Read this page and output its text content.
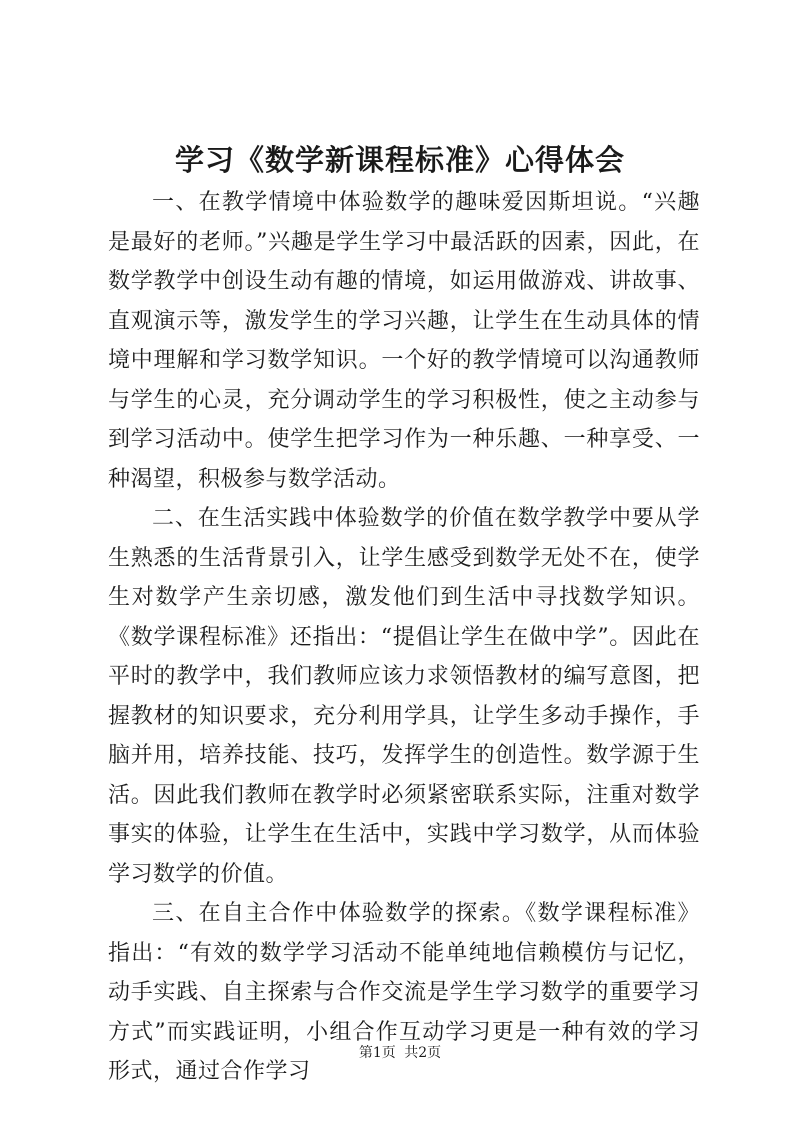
学习《数学新课程标准》心得体会

一、在教学情境中体验数学的趣味爱因斯坦说。“兴趣是最好的老师。”兴趣是学生学习中最活跃的因素，因此，在数学教学中创设生动有趣的情境，如运用做游戏、讲故事、直观演示等，激发学生的学习兴趣，让学生在生动具体的情境中理解和学习数学知识。一个好的教学情境可以沟通教师与学生的心灵，充分调动学生的学习积极性，使之主动参与到学习活动中。使学生把学习作为一种乐趣、一种享受、一种渴望，积极参与数学活动。

二、在生活实践中体验数学的价值在数学教学中要从学生熟悉的生活背景引入，让学生感受到数学无处不在，使学生对数学产生亲切感，激发他们到生活中寻找数学知识。《数学课程标准》还指出：“提倡让学生在做中学”。因此在平时的教学中，我们教师应该力求领悟教材的编写意图，把握教材的知识要求，充分利用学具，让学生多动手操作，手脑并用，培养技能、技巧，发挥学生的创造性。数学源于生活。因此我们教师在教学时必须紧密联系实际，注重对数学事实的体验，让学生在生活中，实践中学习数学，从而体验学习数学的价值。

三、在自主合作中体验数学的探索。《数学课程标准》指出：“有效的数学学习活动不能单纯地信赖模仿与记忆，动手实践、自主探索与合作交流是学生学习数学的重要学习方式”而实践证明，小组合作互动学习更是一种有效的学习形式，通过合作学习

第1页 共2页
